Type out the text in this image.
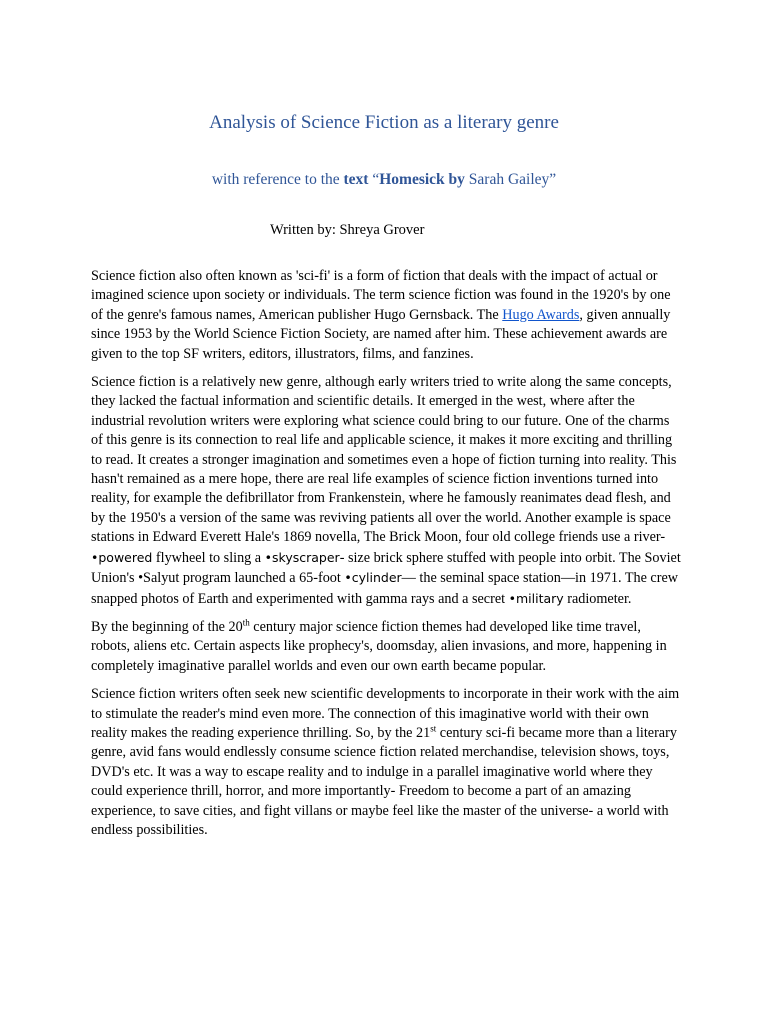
Analysis of Science Fiction as a literary genre

with reference to the text “Homesick by Sarah Gailey”

Written by: Shreya Grover

Science fiction also often known as 'sci-fi' is a form of fiction that deals with the impact of actual or imagined science upon society or individuals. The term science fiction was found in the 1920's by one of the genre's famous names, American publisher Hugo Gernsback. The Hugo Awards, given annually since 1953 by the World Science Fiction Society, are named after him. These achievement awards are given to the top SF writers, editors, illustrators, films, and fanzines.

Science fiction is a relatively new genre, although early writers tried to write along the same concepts, they lacked the factual information and scientific details. It emerged in the west, where after the industrial revolution writers were exploring what science could bring to our future. One of the charms of this genre is its connection to real life and applicable science, it makes it more exciting and thrilling to read. It creates a stronger imagination and sometimes even a hope of fiction turning into reality. This hasn't remained as a mere hope, there are real life examples of science fiction inventions turned into reality, for example the defibrillator from Frankenstein, where he famously reanimates dead flesh, and by the 1950's a version of the same was reviving patients all over the world. Another example is space stations in Edward Everett Hale's 1869 novella, The Brick Moon, four old college friends use a river- •powered flywheel to sling a •skyscraper- size brick sphere stuffed with people into orbit. The Soviet Union's •Salyut program launched a 65-foot •cylinder— the seminal space station—in 1971. The crew snapped photos of Earth and experimented with gamma rays and a secret •military radiometer.

By the beginning of the 20th century major science fiction themes had developed like time travel, robots, aliens etc. Certain aspects like prophecy's, doomsday, alien invasions, and more, happening in completely imaginative parallel worlds and even our own earth became popular.

Science fiction writers often seek new scientific developments to incorporate in their work with the aim to stimulate the reader's mind even more. The connection of this imaginative world with their own reality makes the reading experience thrilling. So, by the 21st century sci-fi became more than a literary genre, avid fans would endlessly consume science fiction related merchandise, television shows, toys, DVD's etc. It was a way to escape reality and to indulge in a parallel imaginative world where they could experience thrill, horror, and more importantly- Freedom to become a part of an amazing experience, to save cities, and fight villans or maybe feel like the master of the universe- a world with endless possibilities.
